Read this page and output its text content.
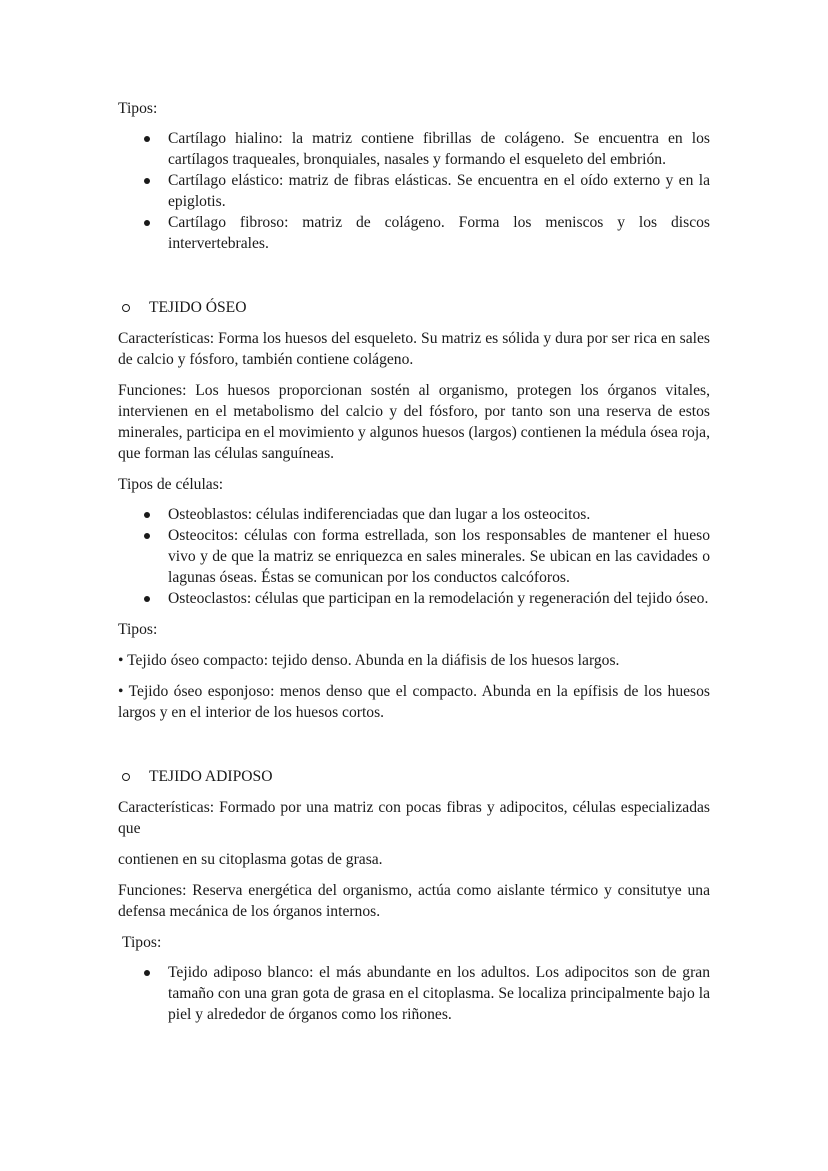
Tipos:

Cartílago hialino: la matriz contiene fibrillas de colágeno. Se encuentra en los cartílagos traqueales, bronquiales, nasales y formando el esqueleto del embrión.
Cartílago elástico: matriz de fibras elásticas. Se encuentra en el oído externo y en la epiglotis.
Cartílago fibroso: matriz de colágeno. Forma los meniscos y los discos intervertebrales.
TEJIDO ÓSEO

Características: Forma los huesos del esqueleto. Su matriz es sólida y dura por ser rica en sales de calcio y fósforo, también contiene colágeno.

Funciones: Los huesos proporcionan sostén al organismo, protegen los órganos vitales, intervienen en el metabolismo del calcio y del fósforo, por tanto son una reserva de estos minerales, participa en el movimiento y algunos huesos (largos) contienen la médula ósea roja, que forman las células sanguíneas.

Tipos de células:

Osteoblastos: células indiferenciadas que dan lugar a los osteocitos.
Osteocitos: células con forma estrellada, son los responsables de mantener el hueso vivo y de que la matriz se enriquezca en sales minerales. Se ubican en las cavidades o lagunas óseas. Éstas se comunican por los conductos calcóforos.
Osteoclastos: células que participan en la remodelación y regeneración del tejido óseo.

Tipos:

• Tejido óseo compacto: tejido denso. Abunda en la diáfisis de los huesos largos.

• Tejido óseo esponjoso: menos denso que el compacto. Abunda en la epífisis de los huesos largos y en el interior de los huesos cortos.

TEJIDO ADIPOSO

Características: Formado por una matriz con pocas fibras y adipocitos, células especializadas que

contienen en su citoplasma gotas de grasa.

Funciones: Reserva energética del organismo, actúa como aislante térmico y consitutye una defensa mecánica de los órganos internos.

Tipos:

Tejido adiposo blanco: el más abundante en los adultos. Los adipocitos son de gran tamaño con una gran gota de grasa en el citoplasma. Se localiza principalmente bajo la piel y alrededor de órganos como los riñones.
